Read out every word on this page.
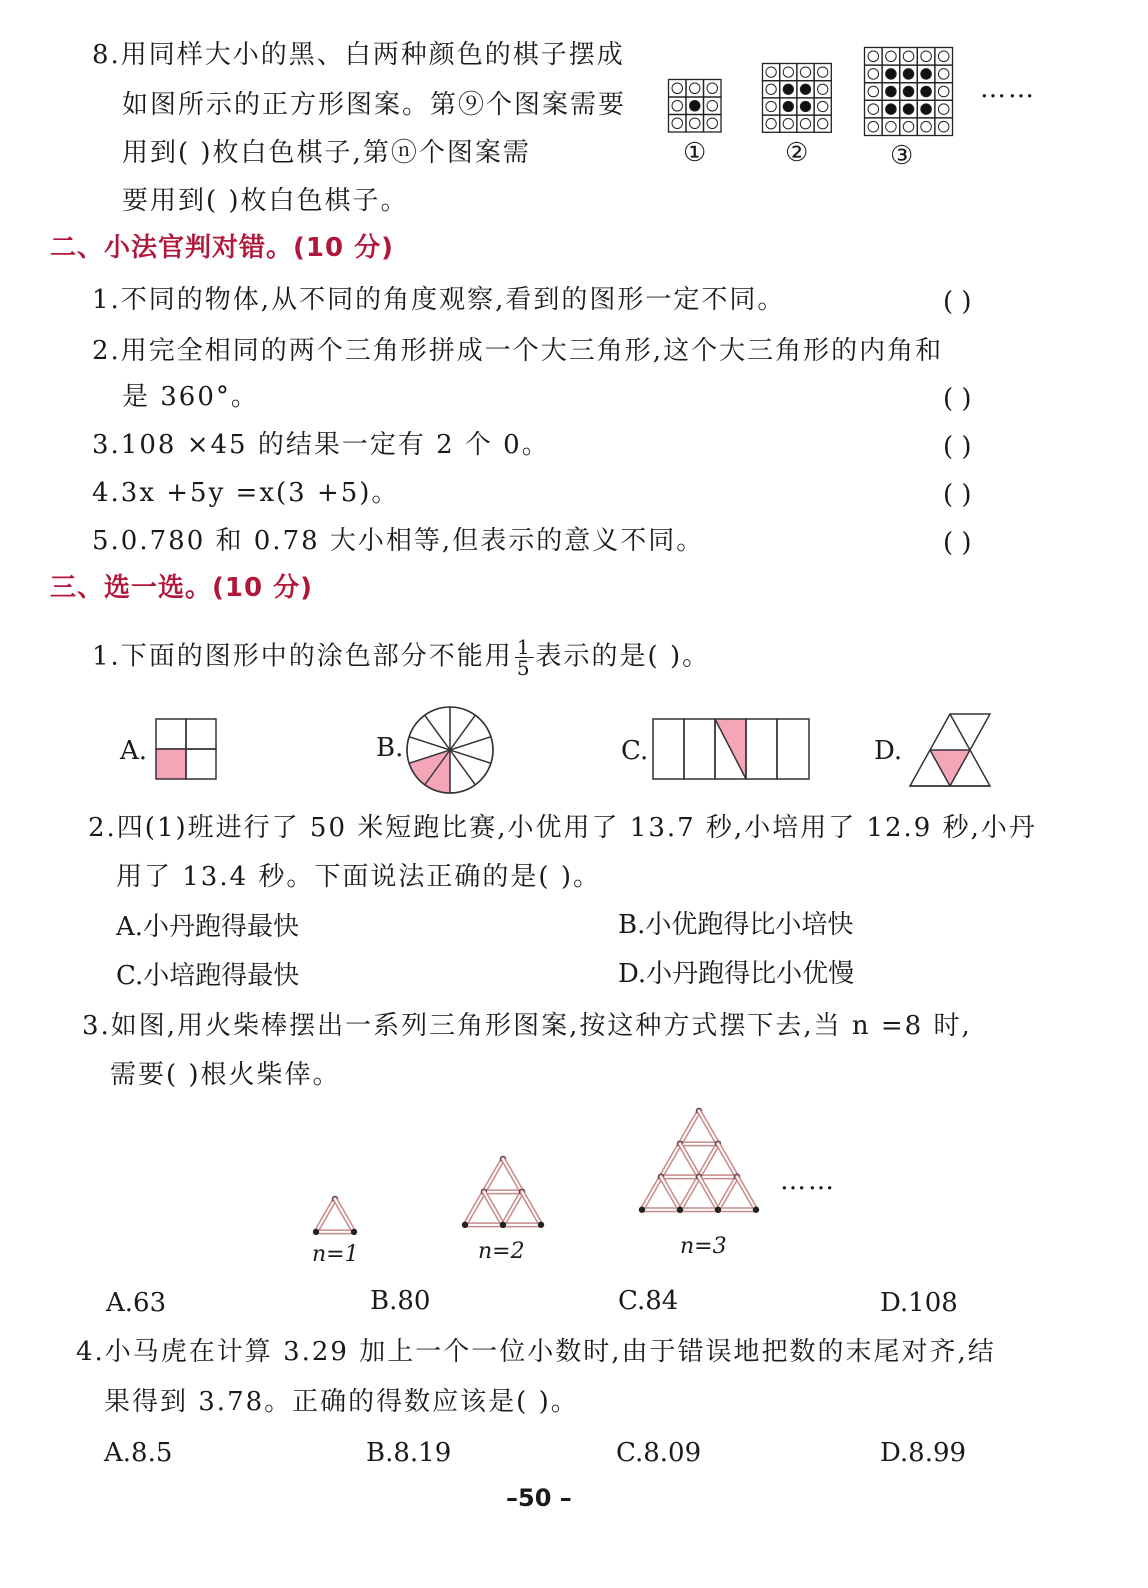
8.用同样大小的黑、白两种颜色的棋子摆成
如图所示的正方形图案。第⑨个图案需要
用到( )枚白色棋子,第ⓝ个图案需
要用到( )枚白色棋子。
①	②	③
……
二、小法官判对错。(10 分)
1.不同的物体,从不同的角度观察,看到的图形一定不同。	( )
2.用完全相同的两个三角形拼成一个大三角形,这个大三角形的内角和
是 360°。	( )
3.108 ×45 的结果一定有 2 个 0。	( )
4.3x +5y =x(3 +5)。	( )
5.0.780 和 0.78 大小相等,但表示的意义不同。	( )
三、选一选。(10 分)
1.下面的图形中的涂色部分不能用 $\frac{1}{5}$ 表示的是( )。
A.	B.	C.	D.
2.四(1)班进行了 50 米短跑比赛,小优用了 13.7 秒,小培用了 12.9 秒,小丹
用了 13.4 秒。下面说法正确的是( )。
A.小丹跑得最快	B.小优跑得比小培快
C.小培跑得最快	D.小丹跑得比小优慢
3.如图,用火柴棒摆出一系列三角形图案,按这种方式摆下去,当 n =8 时,
需要( )根火柴倖。
n=1	n=2	n=3
……
A.63	B.80	C.84	D.108
4.小马虎在计算 3.29 加上一个一位小数时,由于错误地把数的末尾对齐,结
果得到 3.78。正确的得数应该是( )。
A.8.5	B.8.19	C.8.09	D.8.99
–50 –
